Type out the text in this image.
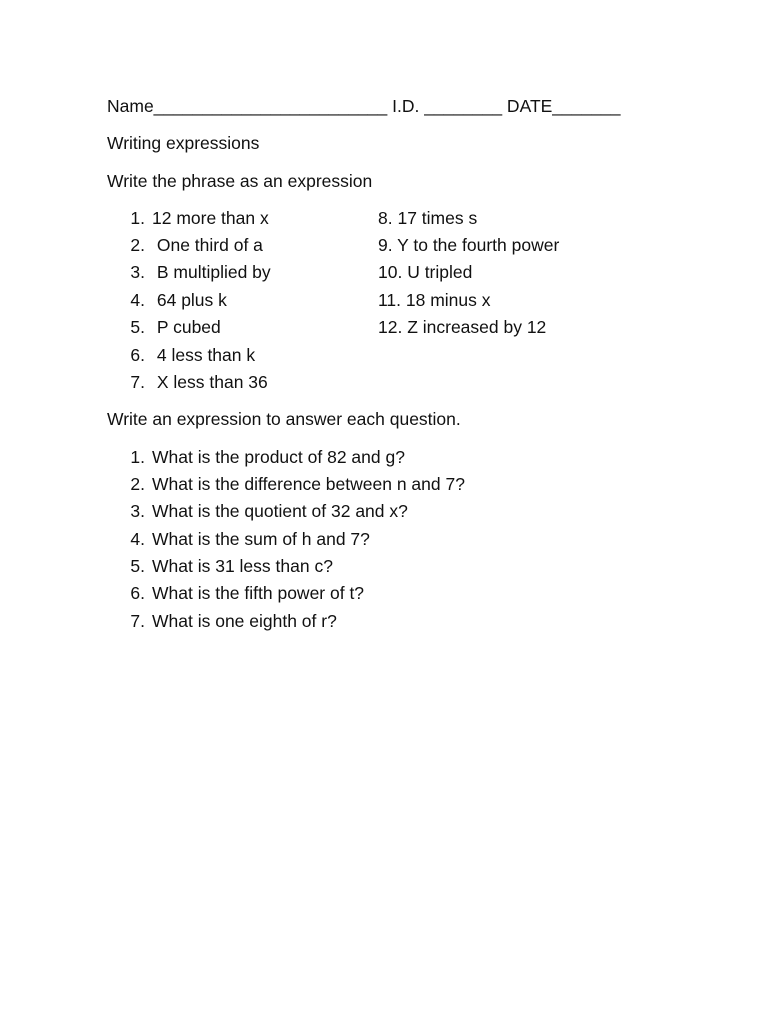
Name________________________ I.D. ________ DATE_______
Writing expressions
Write the phrase as an expression
1. 12 more than x
2. One third of a
3. B multiplied by
4. 64 plus k
5. P cubed
6. 4 less than k
7. X less than 36
8. 17 times s
9. Y to the fourth power
10. U tripled
11. 18 minus x
12. Z increased by 12
Write an expression to answer each question.
1. What is the product of 82 and g?
2. What is the difference between n and 7?
3. What is the quotient of 32 and x?
4. What is the sum of h and 7?
5. What is 31 less than c?
6. What is the fifth power of t?
7. What is one eighth of r?
